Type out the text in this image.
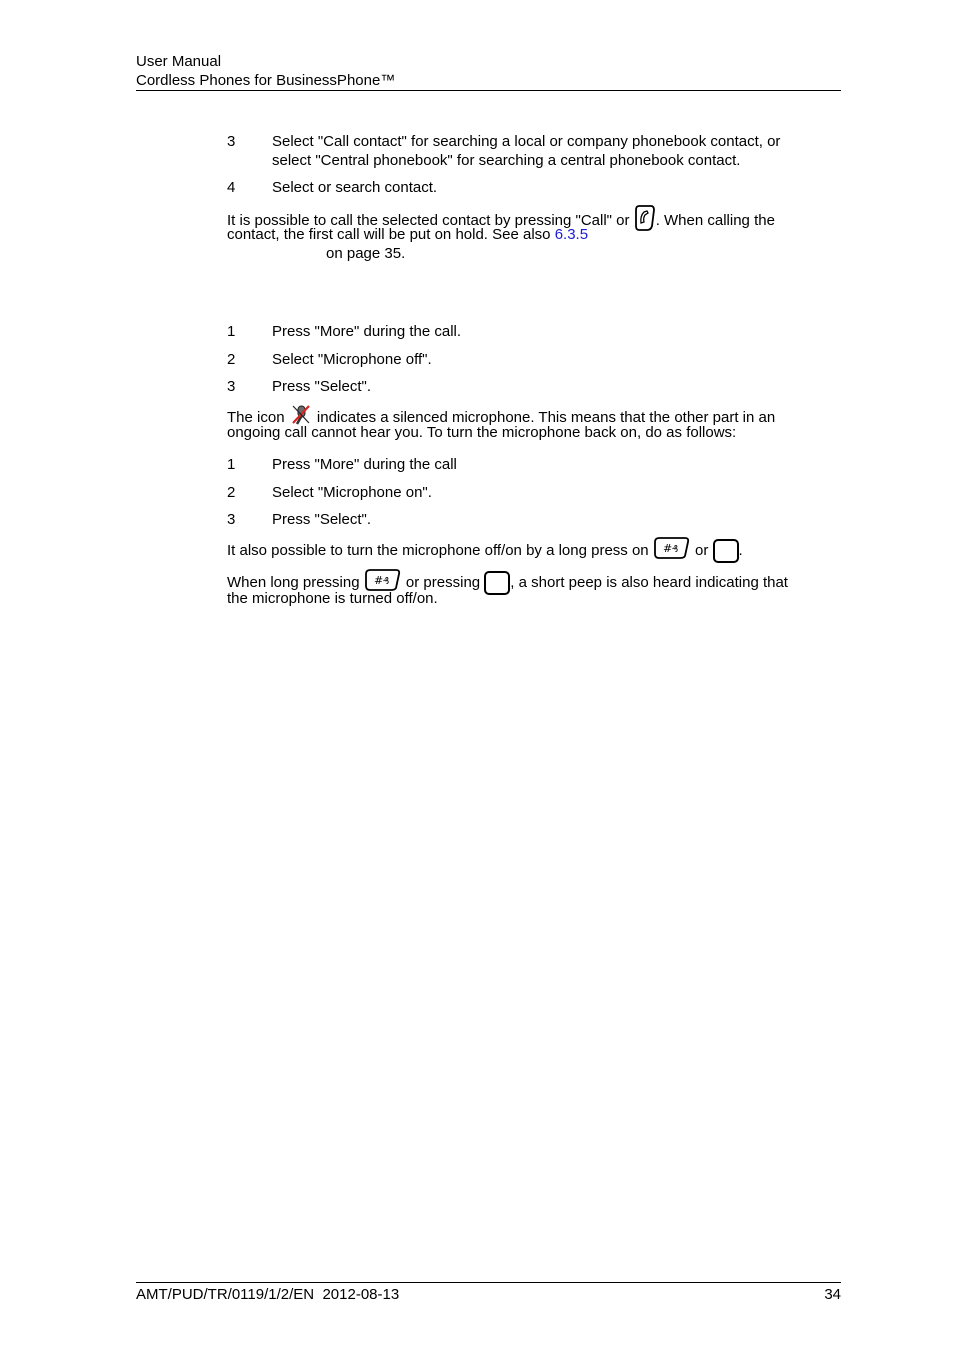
User Manual
Cordless Phones for BusinessPhone™
3 Select "Call contact" for searching a local or company phonebook contact, or
select "Central phonebook" for searching a central phonebook contact.
4 Select or search contact.
It is possible to call the selected contact by pressing "Call" or . When calling the
contact, the first call will be put on hold. See also 6.3.5
on page 35.
1 Press "More" during the call.
2 Select "Microphone off".
3 Press "Select".
The icon indicates a silenced microphone. This means that the other part in an
ongoing call cannot hear you. To turn the microphone back on, do as follows:
1 Press "More" during the call
2 Select "Microphone on".
3 Press "Select".
It also possible to turn the microphone off/on by a long press on # ₰ or .
When long pressing # ₰ or pressing , a short peep is also heard indicating that
the microphone is turned off/on.
AMT/PUD/TR/0119/1/2/EN 2012-08-13	34
